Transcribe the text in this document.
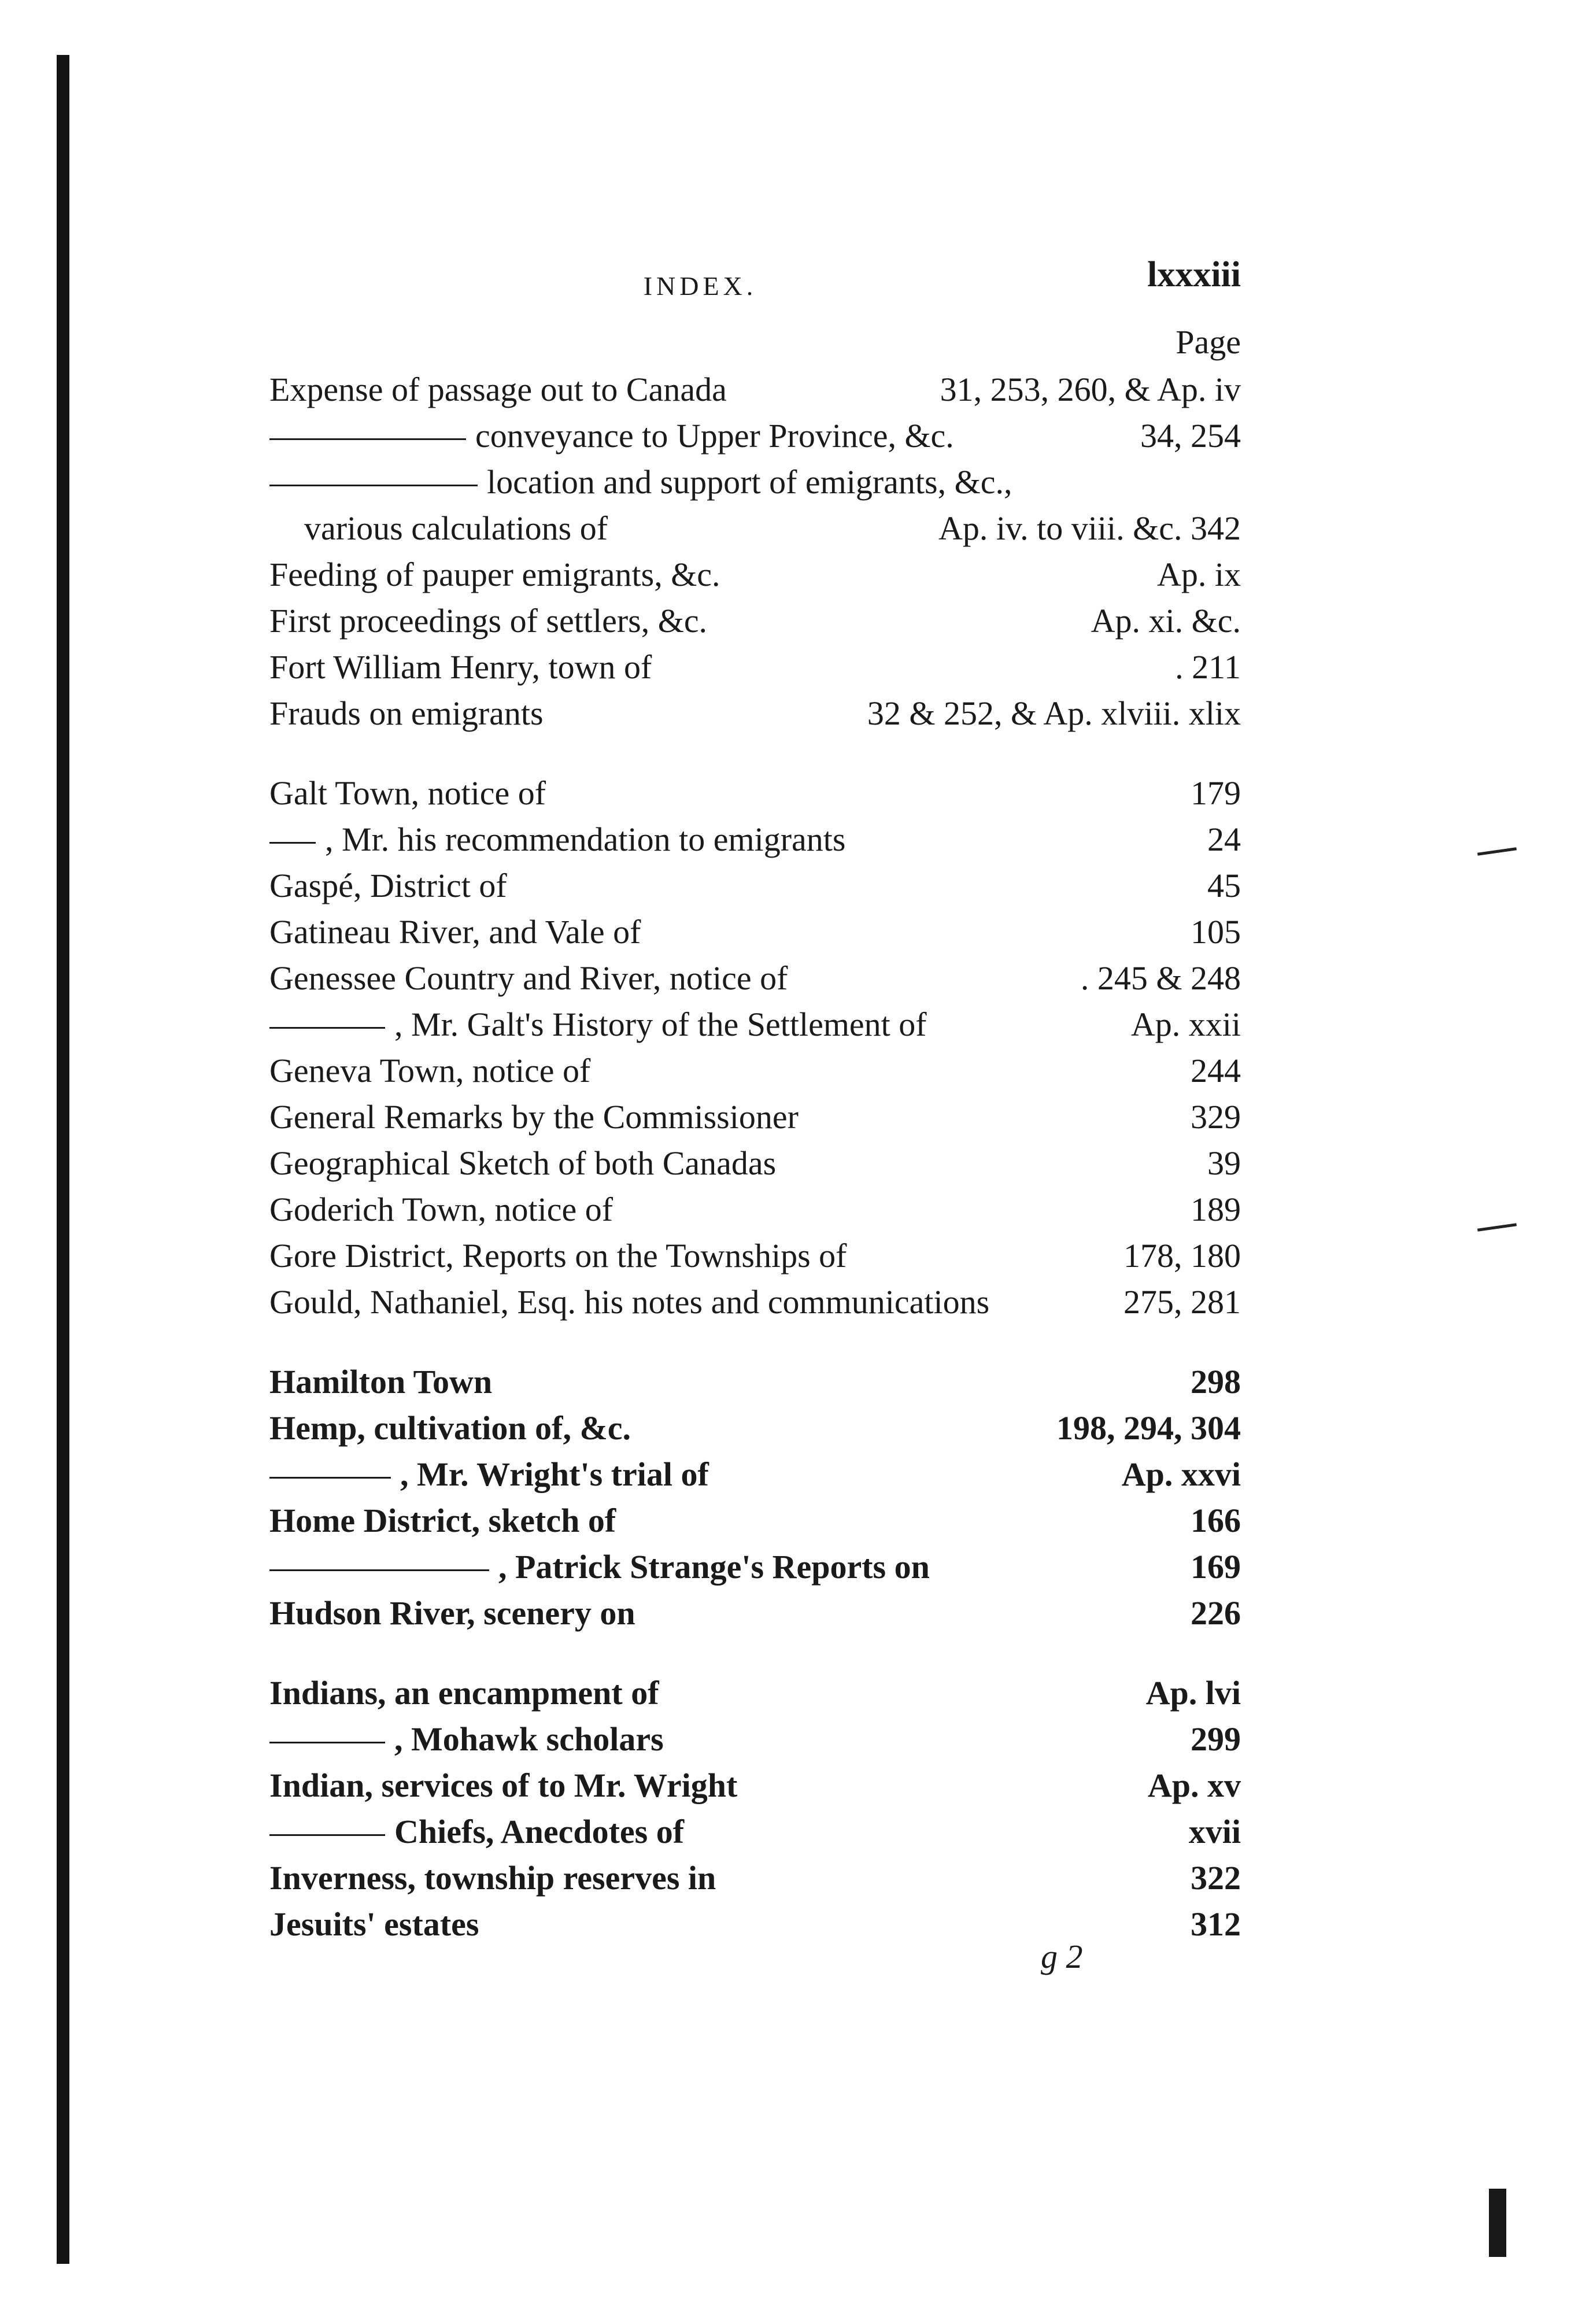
INDEX.	lxxxiii
Page
Expense of passage out to Canada	31, 253, 260, & Ap. iv
conveyance to Upper Province, &c.	34, 254
location and support of emigrants, &c.,
various calculations of	Ap. iv. to viii. &c. 342
Feeding of pauper emigrants, &c.	Ap. ix
First proceedings of settlers, &c.	Ap. xi. &c.
Fort William Henry, town of	. 211
Frauds on emigrants	32 & 252, & Ap. xlviii. xlix
Galt Town, notice of	179
, Mr. his recommendation to emigrants	24
Gaspé, District of	45
Gatineau River, and Vale of	105
Genessee Country and River, notice of	. 245 & 248
, Mr. Galt's History of the Settlement of	Ap. xxii
Geneva Town, notice of	244
General Remarks by the Commissioner	329
Geographical Sketch of both Canadas	39
Goderich Town, notice of	189
Gore District, Reports on the Townships of	178, 180
Gould, Nathaniel, Esq. his notes and communications	275, 281
Hamilton Town	298
Hemp, cultivation of, &c.	198, 294, 304
, Mr. Wright's trial of	Ap. xxvi
Home District, sketch of	166
, Patrick Strange's Reports on	169
Hudson River, scenery on	226
Indians, an encampment of	Ap. lvi
, Mohawk scholars	299
Indian, services of to Mr. Wright	Ap. xv
Chiefs, Anecdotes of	xvii
Inverness, township reserves in	322
Jesuits' estates	312
g 2
